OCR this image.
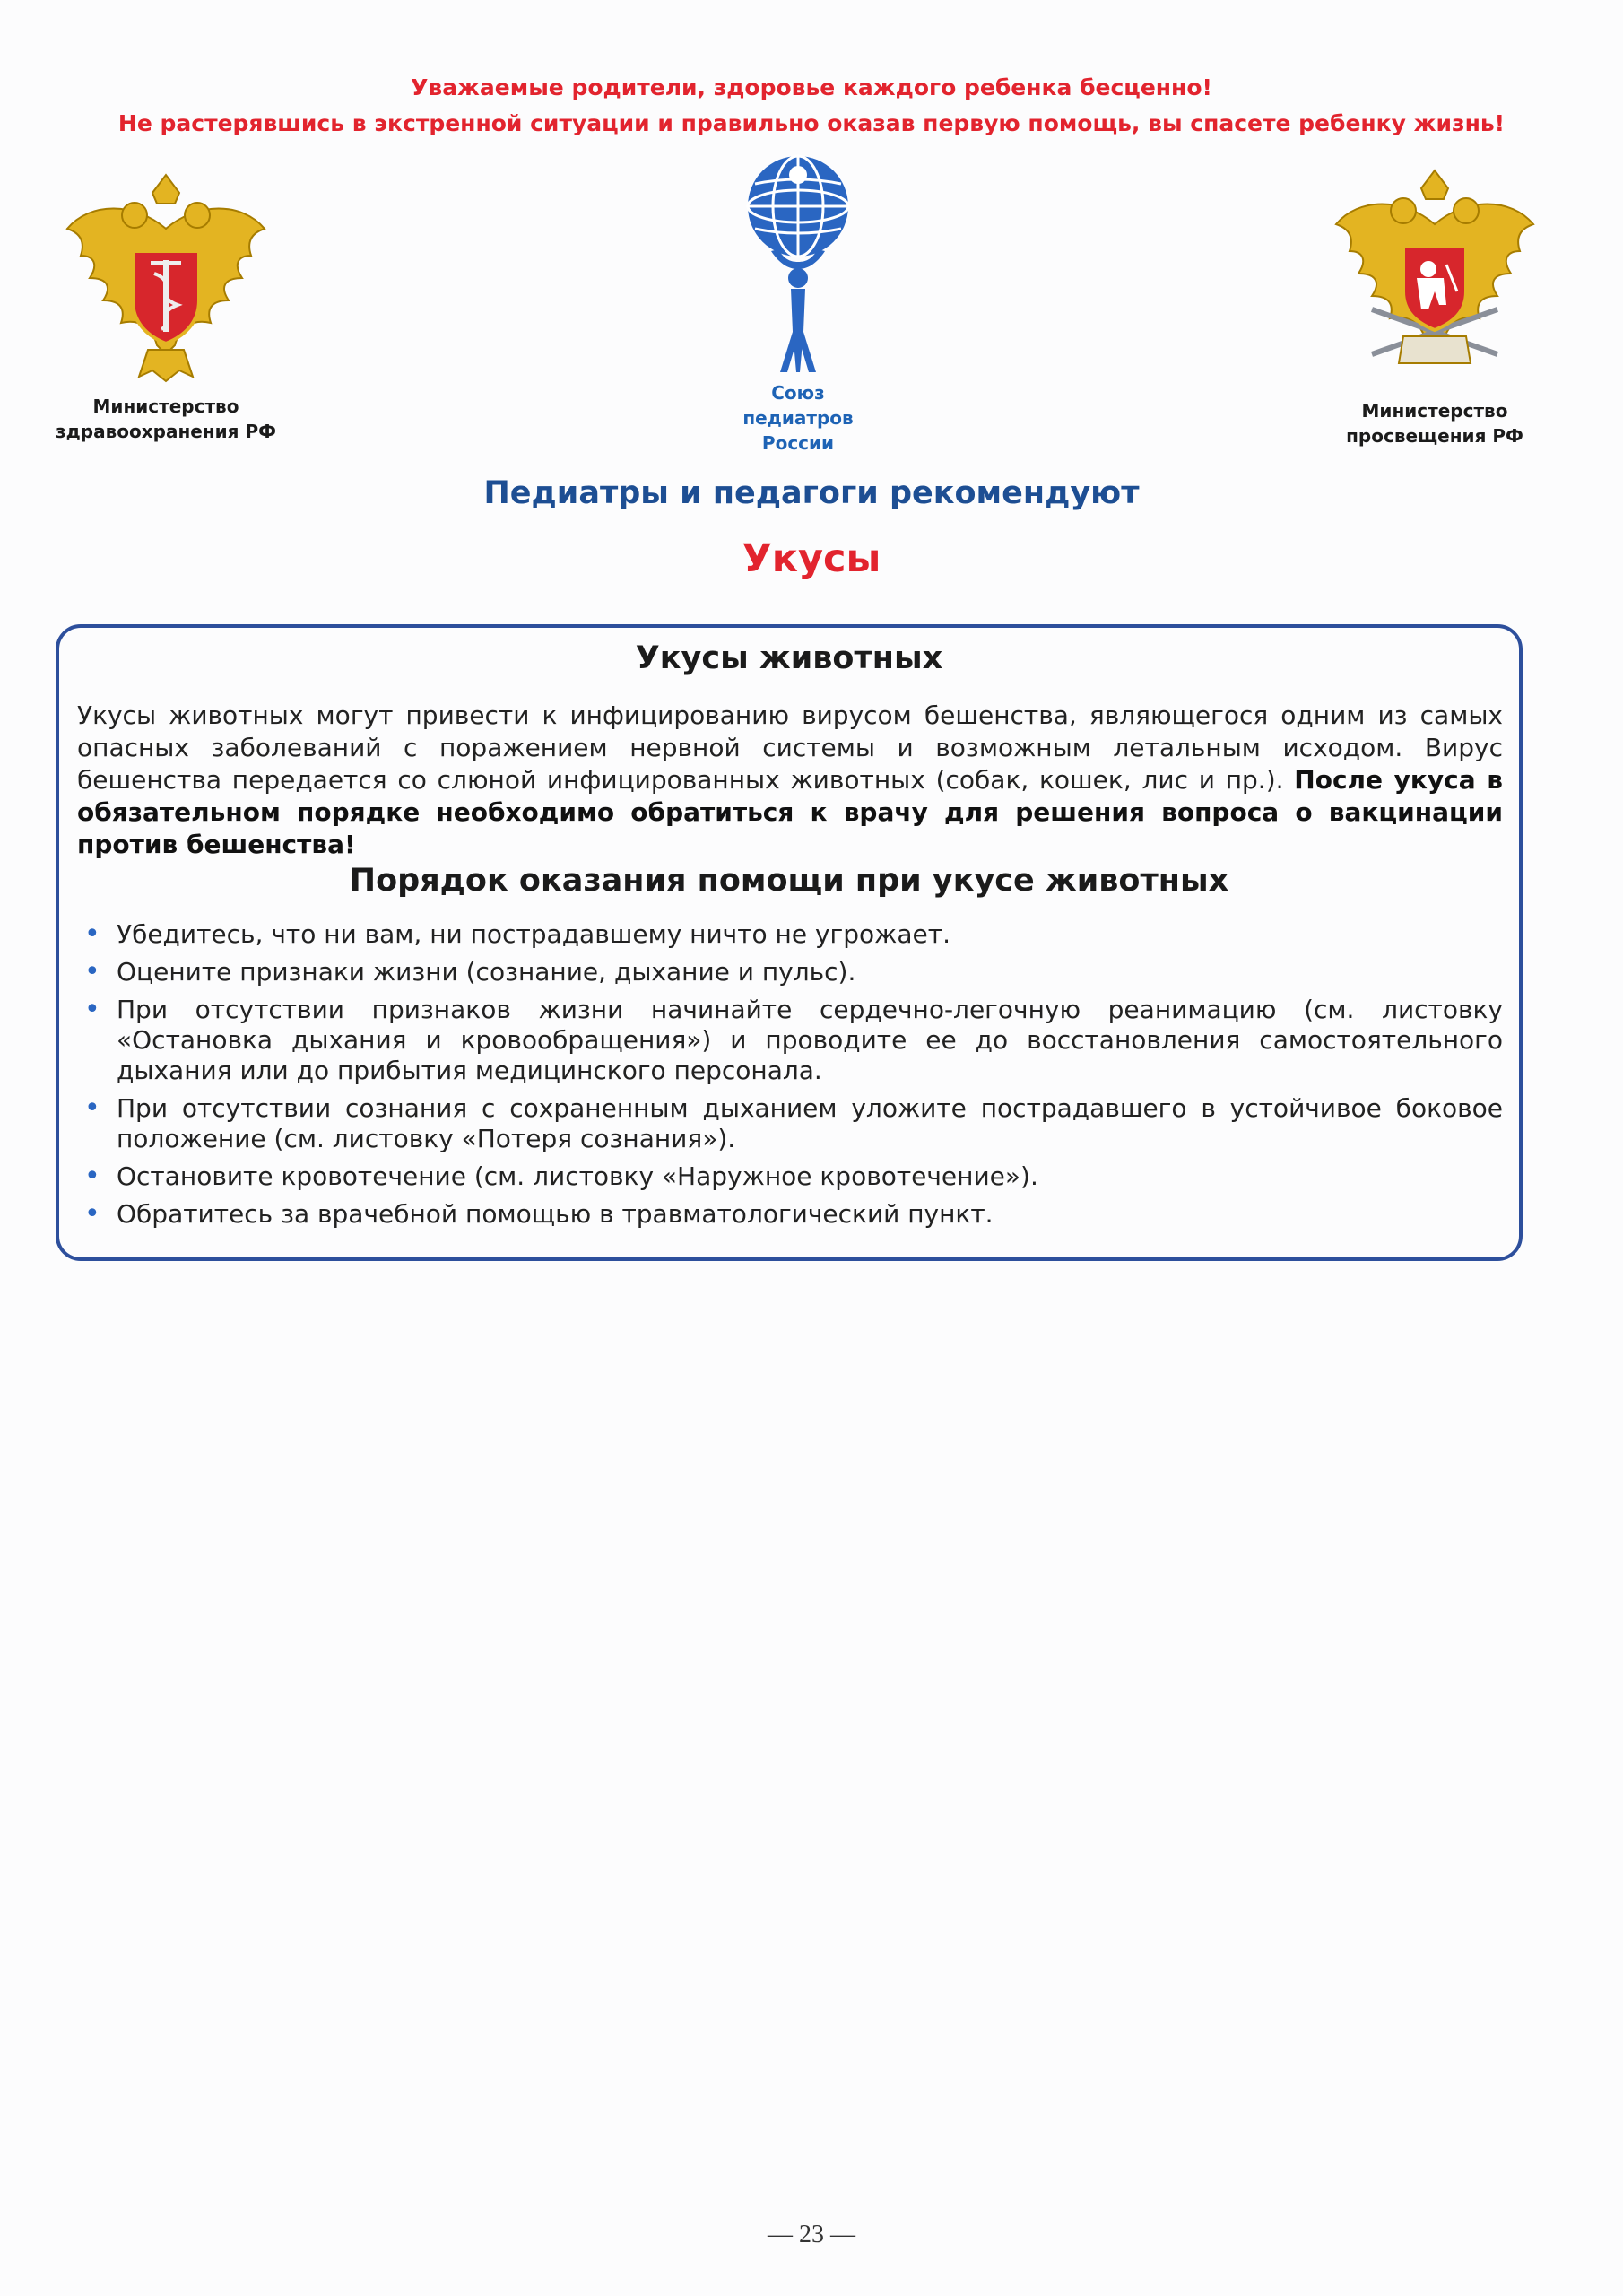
Уважаемые родители, здоровье каждого ребенка бесценно!
Не растерявшись в экстренной ситуации и правильно оказав первую помощь, вы спасете ребенку жизнь!
Министерство
здравоохранения РФ
Союз
педиатров
России
Министерство
просвещения РФ
Педиатры и педагоги рекомендуют
Укусы
Укусы животных
Укусы животных могут привести к инфицированию вирусом бешенства, являющегося одним из самых опасных заболеваний с поражением нервной системы и возможным летальным исходом. Вирус бешенства передается со слюной инфицированных животных (собак, кошек, лис и пр.). После укуса в обязательном порядке необходимо обратиться к врачу для решения вопроса о вакцинации против бешенства!
Порядок оказания помощи при укусе животных
• Убедитесь, что ни вам, ни пострадавшему ничто не угрожает.
• Оцените признаки жизни (сознание, дыхание и пульс).
• При отсутствии признаков жизни начинайте сердечно-легочную реанимацию (см. листовку «Остановка дыхания и кровообращения») и проводите ее до восстановления самостоятельного дыхания или до прибытия медицинского персонала.
• При отсутствии сознания с сохраненным дыханием уложите пострадавшего в устойчивое боковое положение (см. листовку «Потеря сознания»).
• Остановите кровотечение (см. листовку «Наружное кровотечение»).
• Обратитесь за врачебной помощью в травматологический пункт.
— 23 —
